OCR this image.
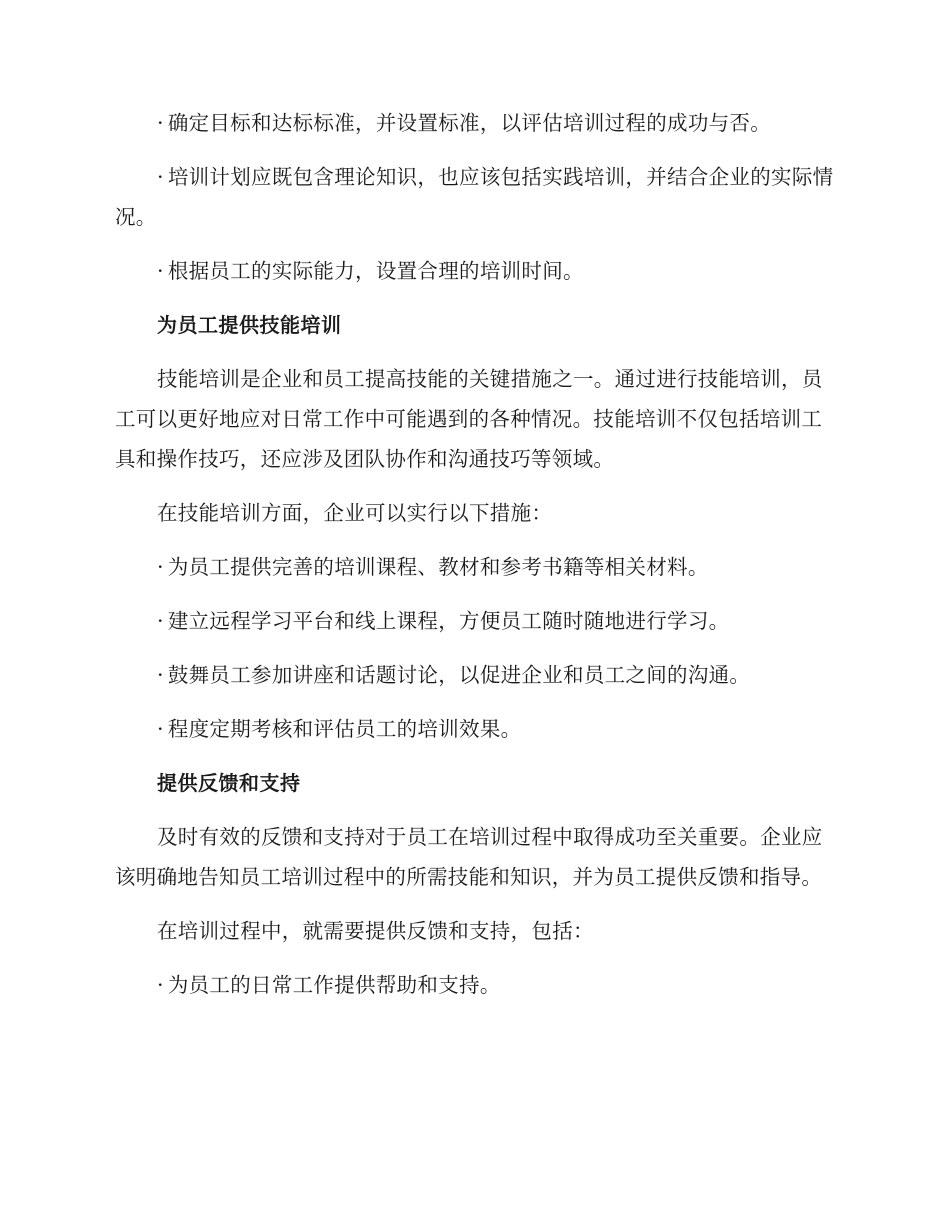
· 确定目标和达标标准，并设置标准，以评估培训过程的成功与否。

· 培训计划应既包含理论知识，也应该包括实践培训，并结合企业的实际情况。

· 根据员工的实际能力，设置合理的培训时间。

为员工提供技能培训

技能培训是企业和员工提高技能的关键措施之一。通过进行技能培训，员工可以更好地应对日常工作中可能遇到的各种情况。技能培训不仅包括培训工具和操作技巧，还应涉及团队协作和沟通技巧等领域。

在技能培训方面，企业可以实行以下措施：

· 为员工提供完善的培训课程、教材和参考书籍等相关材料。

· 建立远程学习平台和线上课程，方便员工随时随地进行学习。

· 鼓舞员工参加讲座和话题讨论，以促进企业和员工之间的沟通。

· 程度定期考核和评估员工的培训效果。

提供反馈和支持

及时有效的反馈和支持对于员工在培训过程中取得成功至关重要。企业应该明确地告知员工培训过程中的所需技能和知识，并为员工提供反馈和指导。

在培训过程中，就需要提供反馈和支持，包括：

· 为员工的日常工作提供帮助和支持。
